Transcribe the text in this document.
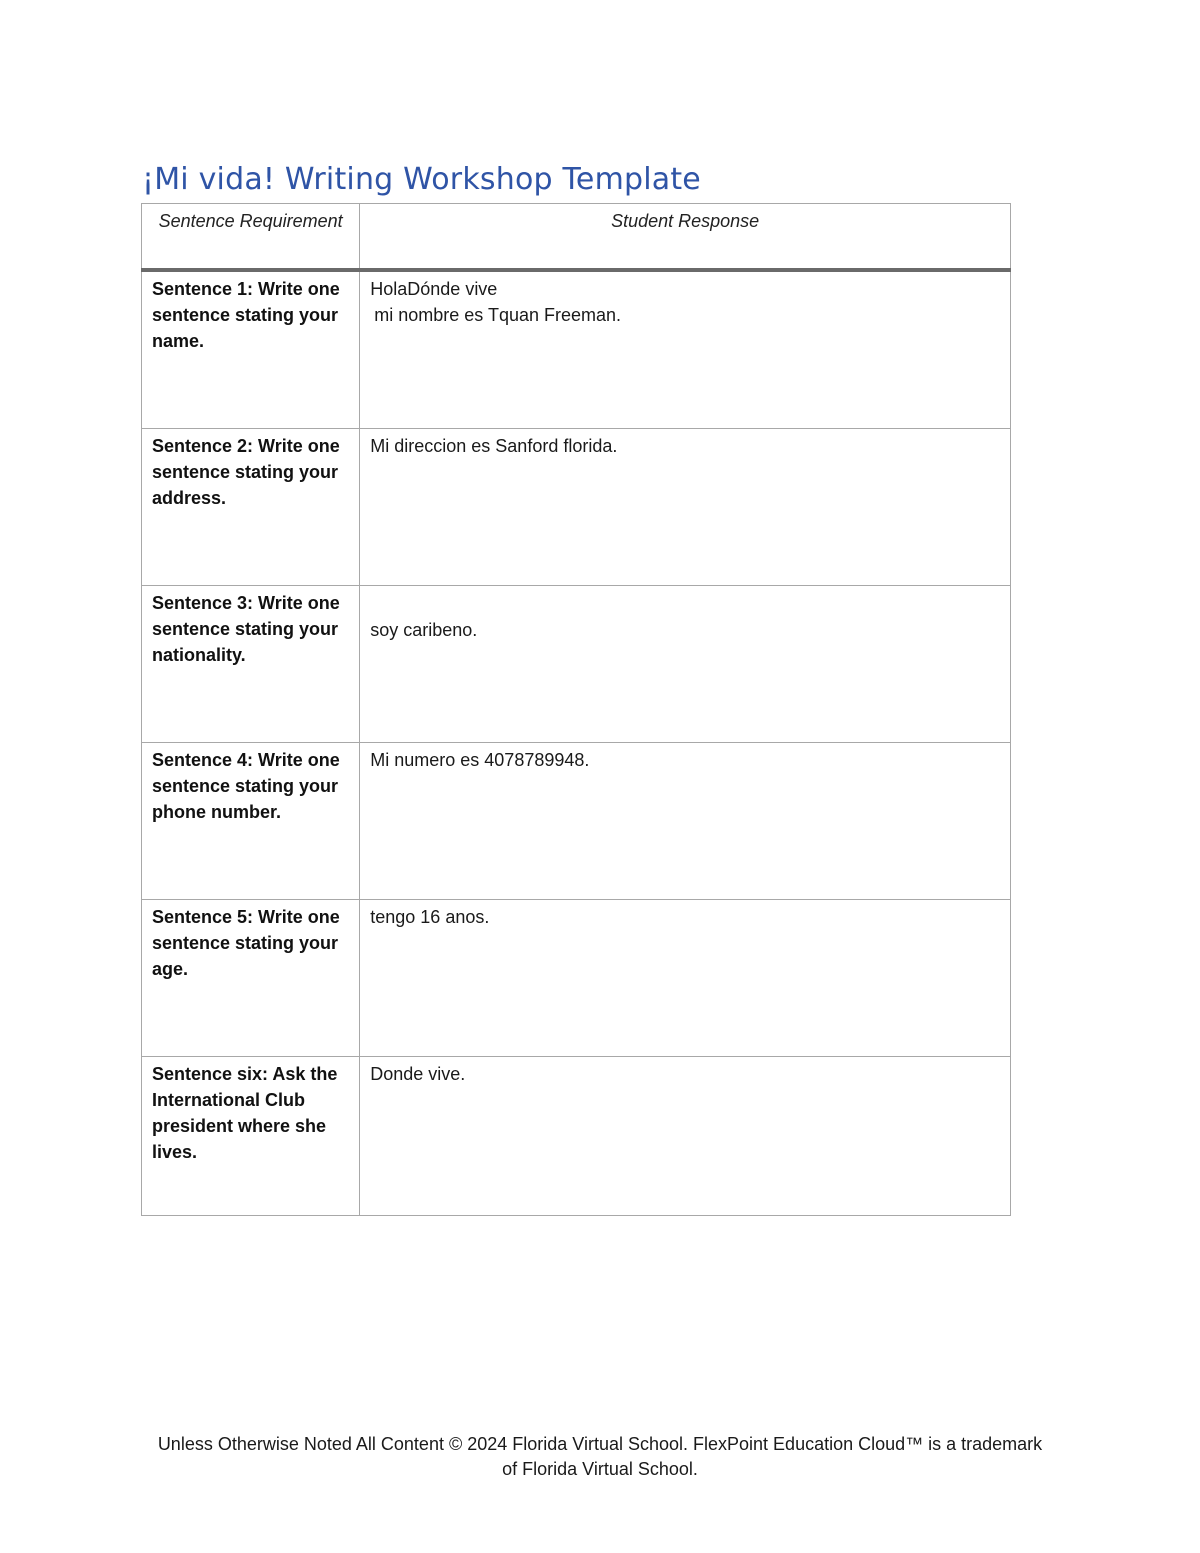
¡Mi vida! Writing Workshop Template
Sentence Requirement	Student Response
Sentence 1: Write one sentence stating your name.	HolaDónde vive
mi nombre es Tquan Freeman.

Sentence 2: Write one sentence stating your address.	Mi direccion es Sanford florida.

Sentence 3: Write one sentence stating your nationality.	soy caribeno.

Sentence 4: Write one sentence stating your phone number.	Mi numero es 4078789948.

Sentence 5: Write one sentence stating your age.	tengo 16 anos.

Sentence six: Ask the International Club president where she lives.	Donde vive.
Unless Otherwise Noted All Content © 2024 Florida Virtual School. FlexPoint Education Cloud™ is a trademark of Florida Virtual School.
